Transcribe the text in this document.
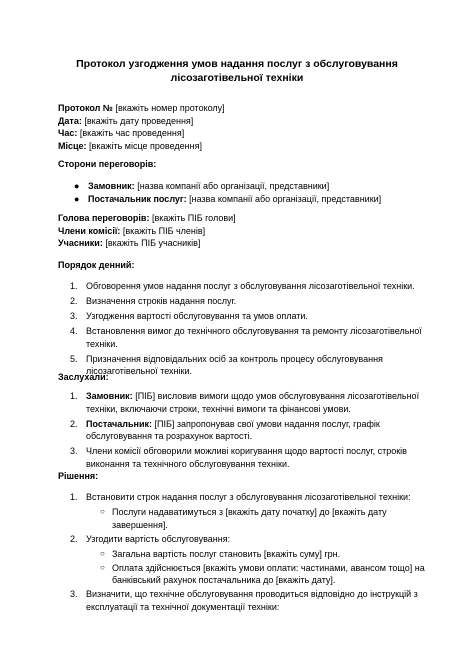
Протокол узгодження умов надання послуг з обслуговування
лісозаготівельної техніки
Протокол № [вкажіть номер протоколу]
Дата: [вкажіть дату проведення]
Час: [вкажіть час проведення]
Місце: [вкажіть місце проведення]
Сторони переговорів:
● Замовник: [назва компанії або організації, представники]
● Постачальник послуг: [назва компанії або організації, представники]
Голова переговорів: [вкажіть ПІБ голови]
Члени комісії: [вкажіть ПІБ членів]
Учасники: [вкажіть ПІБ учасників]
Порядок денний:
1. Обговорення умов надання послуг з обслуговування лісозаготівельної техніки.
2. Визначення строків надання послуг.
3. Узгодження вартості обслуговування та умов оплати.
4. Встановлення вимог до технічного обслуговування та ремонту лісозаготівельної техніки.
5. Призначення відповідальних осіб за контроль процесу обслуговування лісозаготівельної техніки.
Заслухали:
1. Замовник: [ПІБ] висловив вимоги щодо умов обслуговування лісозаготівельної техніки, включаючи строки, технічні вимоги та фінансові умови.
2. Постачальник: [ПІБ] запропонував свої умови надання послуг, графік обслуговування та розрахунок вартості.
3. Члени комісії обговорили можливі коригування щодо вартості послуг, строків виконання та технічного обслуговування техніки.
Рішення:
1. Встановити строк надання послуг з обслуговування лісозаготівельної техніки:
○ Послуги надаватимуться з [вкажіть дату початку] до [вкажіть дату завершення].
2. Узгодити вартість обслуговування:
○ Загальна вартість послуг становить [вкажіть суму] грн.
○ Оплата здійснюється [вкажіть умови оплати: частинами, авансом тощо] на банківський рахунок постачальника до [вкажіть дату].
3. Визначити, що технічне обслуговування проводиться відповідно до інструкцій з експлуатації та технічної документації техніки:
